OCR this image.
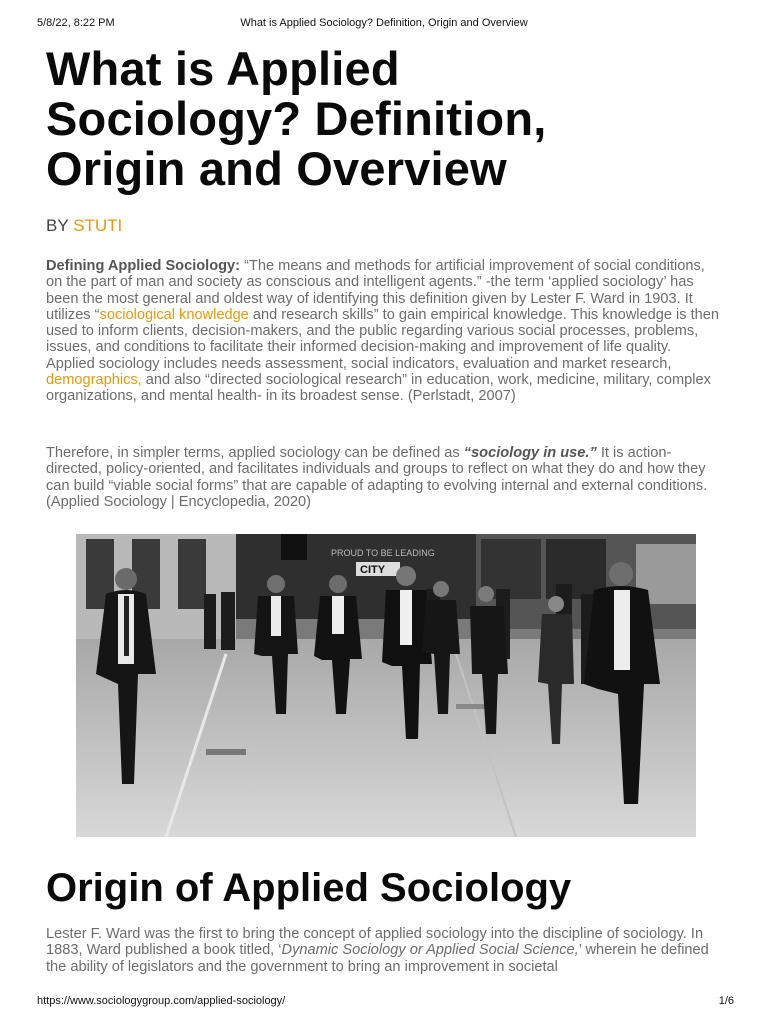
5/8/22, 8:22 PM	What is Applied Sociology? Definition, Origin and Overview
What is Applied
Sociology? Definition,
Origin and Overview
BY STUTI

Defining Applied Sociology: “The means and methods for artificial improvement of social conditions, on the part of man and society as conscious and intelligent agents.” -the term ‘applied sociology’ has been the most general and oldest way of identifying this definition given by Lester F. Ward in 1903. It utilizes “sociological knowledge and research skills” to gain empirical knowledge. This knowledge is then used to inform clients, decision-makers, and the public regarding various social processes, problems, issues, and conditions to facilitate their informed decision-making and improvement of life quality. Applied sociology includes needs assessment, social indicators, evaluation and market research, demographics, and also “directed sociological research” in education, work, medicine, military, complex organizations, and mental health- in its broadest sense. (Perlstadt, 2007)

Therefore, in simpler terms, applied sociology can be defined as “sociology in use.” It is action-directed, policy-oriented, and facilitates individuals and groups to reflect on what they do and how they can build “viable social forms” that are capable of adapting to evolving internal and external conditions. (Applied Sociology | Encyclopedia, 2020)

Origin of Applied Sociology

Lester F. Ward was the first to bring the concept of applied sociology into the discipline of sociology. In 1883, Ward published a book titled, ‘Dynamic Sociology or Applied Social Science,’ wherein he defined the ability of legislators and the government to bring an improvement in societal

PROUD TO BE LEADING
CITY
https://www.sociologygroup.com/applied-sociology/	1/6
